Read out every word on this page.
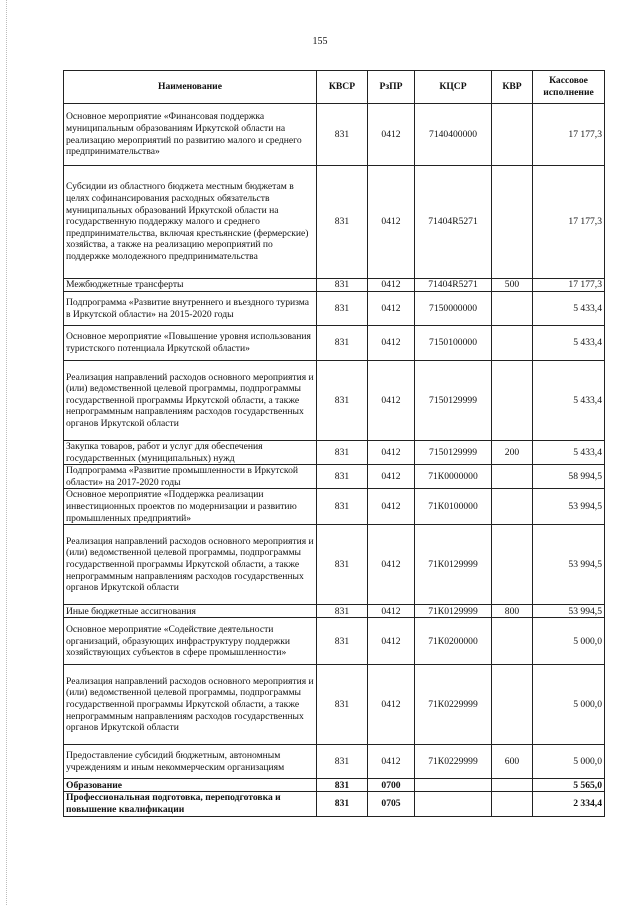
155
Наименование	КВСР	РзПР	КЦСР	КВР	Кассовое исполнение
Основное мероприятие «Финансовая поддержка муниципальным образованиям Иркутской области на реализацию мероприятий по развитию малого и среднего предпринимательства»	831	0412	7140400000		17 177,3
Субсидии из областного бюджета местным бюджетам в целях софинансирования расходных обязательств муниципальных образований Иркутской области на государственную поддержку малого и среднего предпринимательства, включая крестьянские (фермерские) хозяйства, а также на реализацию мероприятий по поддержке молодежного предпринимательства	831	0412	71404R5271		17 177,3
Межбюджетные трансферты	831	0412	71404R5271	500	17 177,3
Подпрограмма «Развитие внутреннего и въездного туризма в Иркутской области» на 2015-2020 годы	831	0412	7150000000		5 433,4
Основное мероприятие «Повышение уровня использования туристского потенциала Иркутской области»	831	0412	7150100000		5 433,4
Реализация направлений расходов основного мероприятия и (или) ведомственной целевой программы, подпрограммы государственной программы Иркутской области, а также непрограммным направлениям расходов государственных органов Иркутской области	831	0412	7150129999		5 433,4
Закупка товаров, работ и услуг для обеспечения государственных (муниципальных) нужд	831	0412	7150129999	200	5 433,4
Подпрограмма «Развитие промышленности в Иркутской области» на 2017-2020 годы	831	0412	71К0000000		58 994,5
Основное мероприятие «Поддержка реализации инвестиционных проектов по модернизации и развитию промышленных предприятий»	831	0412	71К0100000		53 994,5
Реализация направлений расходов основного мероприятия и (или) ведомственной целевой программы, подпрограммы государственной программы Иркутской области, а также непрограммным направлениям расходов государственных органов Иркутской области	831	0412	71К0129999		53 994,5
Иные бюджетные ассигнования	831	0412	71К0129999	800	53 994,5
Основное мероприятие «Содействие деятельности организаций, образующих инфраструктуру поддержки хозяйствующих субъектов в сфере промышленности»	831	0412	71К0200000		5 000,0
Реализация направлений расходов основного мероприятия и (или) ведомственной целевой программы, подпрограммы государственной программы Иркутской области, а также непрограммным направлениям расходов государственных органов Иркутской области	831	0412	71К0229999		5 000,0
Предоставление субсидий бюджетным, автономным учреждениям и иным некоммерческим организациям	831	0412	71К0229999	600	5 000,0
Образование	831	0700			5 565,0
Профессиональная подготовка, переподготовка и повышение квалификации	831	0705			2 334,4
